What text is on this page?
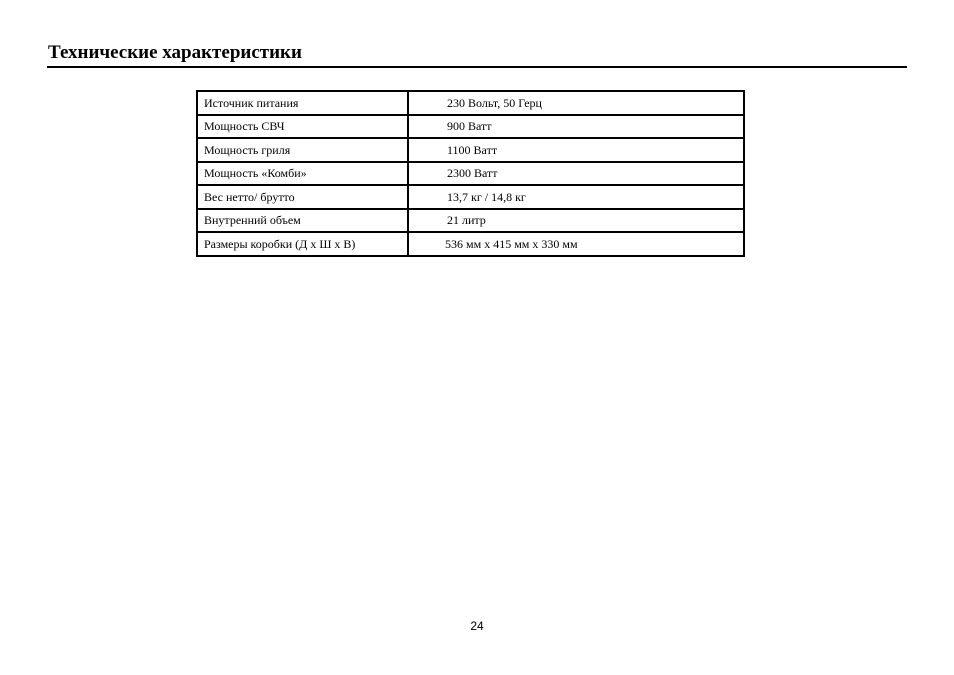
Технические характеристики
Источник питания	230 Вольт, 50 Герц
Мощность СВЧ	900 Ватт
Мощность гриля	1100 Ватт
Мощность «Комби»	2300 Ватт
Вес нетто/ брутто	13,7 кг / 14,8 кг
Внутренний объем	21 литр
Размеры коробки (Д х Ш х В)	536 мм х 415 мм х 330 мм
24
